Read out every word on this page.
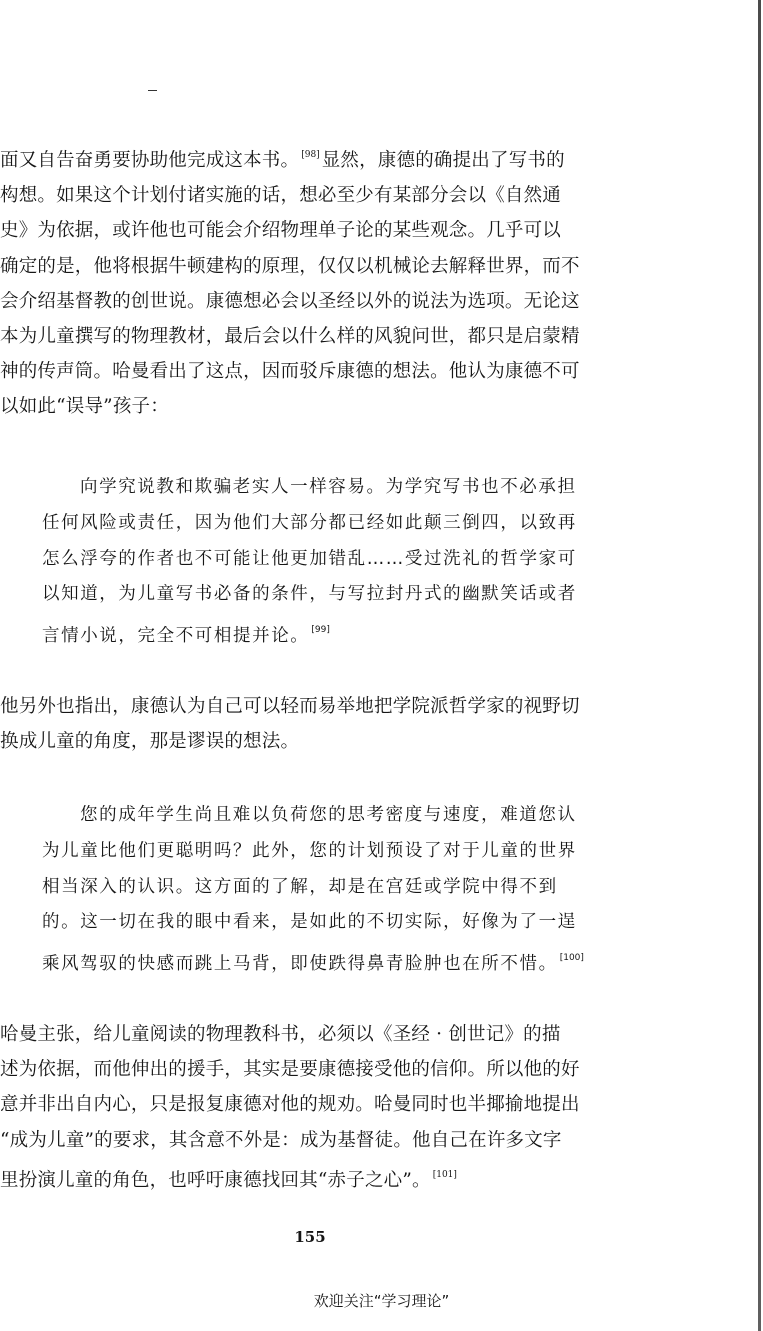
面又自告奋勇要协助他完成这本书。 [98] 显然，康德的确提出了写书的
构想。如果这个计划付诸实施的话，想必至少有某部分会以《自然通
史》为依据，或许他也可能会介绍物理单子论的某些观念。几乎可以
确定的是，他将根据牛顿建构的原理，仅仅以机械论去解释世界，而不
会介绍基督教的创世说。康德想必会以圣经以外的说法为选项。无论这
本为儿童撰写的物理教材，最后会以什么样的风貌问世，都只是启蒙精
神的传声筒。哈曼看出了这点，因而驳斥康德的想法。他认为康德不可
以如此“误导”孩子：
向学究说教和欺骗老实人一样容易。为学究写书也不必承担
任何风险或责任，因为他们大部分都已经如此颠三倒四，以致再
怎么浮夸的作者也不可能让他更加错乱……受过洗礼的哲学家可
以知道，为儿童写书必备的条件，与写拉封丹式的幽默笑话或者
言情小说，完全不可相提并论。 [99]
他另外也指出，康德认为自己可以轻而易举地把学院派哲学家的视野切
换成儿童的角度，那是谬误的想法。
您的成年学生尚且难以负荷您的思考密度与速度，难道您认
为儿童比他们更聪明吗？此外，您的计划预设了对于儿童的世界
相当深入的认识。这方面的了解，却是在宫廷或学院中得不到
的。这一切在我的眼中看来，是如此的不切实际，好像为了一逞
乘风驾驭的快感而跳上马背，即使跌得鼻青脸肿也在所不惜。 [100]
哈曼主张，给儿童阅读的物理教科书，必须以《圣经 · 创世记》的描
述为依据，而他伸出的援手，其实是要康德接受他的信仰。所以他的好
意并非出自内心，只是报复康德对他的规劝。哈曼同时也半揶揄地提出
“成为儿童”的要求，其含意不外是：成为基督徒。他自己在许多文字
里扮演儿童的角色，也呼吁康德找回其“赤子之心”。 [101]
155
欢迎关注“学习理论”
